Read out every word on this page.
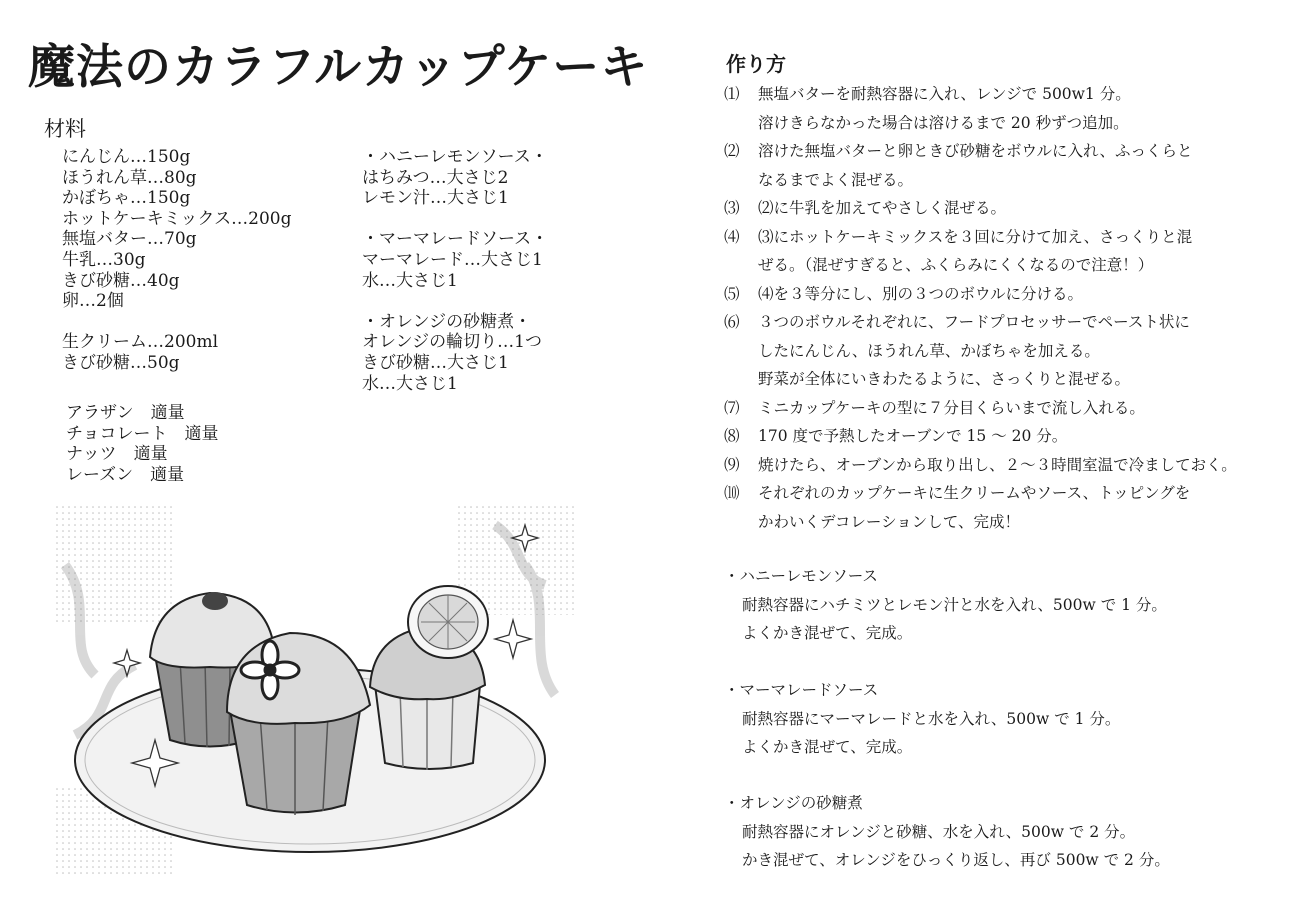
魔法のカラフルカップケーキ
材料
にんじん…150g
ほうれん草…80g
かぼちゃ…150g
ホットケーキミックス…200g
無塩バター…70g
牛乳…30g
きび砂糖…40g
卵…2個
生クリーム…200ml
きび砂糖…50g
・ハニーレモンソース・
はちみつ…大さじ2
レモン汁…大さじ1
・マーマレードソース・
マーマレード…大さじ1
水…大さじ1
・オレンジの砂糖煮・
オレンジの輪切り…1つ
きび砂糖…大さじ1
水…大さじ1
アラザン　適量
チョコレート　適量
ナッツ　適量
レーズン　適量
作り方
⑴	無塩バターを耐熱容器に入れ、レンジで 500w1 分。
溶けきらなかった場合は溶けるまで 20 秒ずつ追加。
⑵	溶けた無塩バターと卵ときび砂糖をボウルに入れ、ふっくらと
なるまでよく混ぜる。
⑶	⑵に牛乳を加えてやさしく混ぜる。
⑷	⑶にホットケーキミックスを３回に分けて加え、さっくりと混
ぜる。（混ぜすぎると、ふくらみにくくなるので注意！）
⑸	⑷を３等分にし、別の３つのボウルに分ける。
⑹	３つのボウルそれぞれに、フードプロセッサーでペースト状に
したにんじん、ほうれん草、かぼちゃを加える。
野菜が全体にいきわたるように、さっくりと混ぜる。
⑺	ミニカップケーキの型に７分目くらいまで流し入れる。
⑻	170 度で予熱したオーブンで 15 ～ 20 分。
⑼	焼けたら、オーブンから取り出し、２～３時間室温で冷ましておく。
⑽	それぞれのカップケーキに生クリームやソース、トッピングを
かわいくデコレーションして、完成！
・ハニーレモンソース
耐熱容器にハチミツとレモン汁と水を入れ、500w で 1 分。
よくかき混ぜて、完成。
・マーマレードソース
耐熱容器にマーマレードと水を入れ、500w で 1 分。
よくかき混ぜて、完成。
・オレンジの砂糖煮
耐熱容器にオレンジと砂糖、水を入れ、500w で 2 分。
かき混ぜて、オレンジをひっくり返し、再び 500w で 2 分。
